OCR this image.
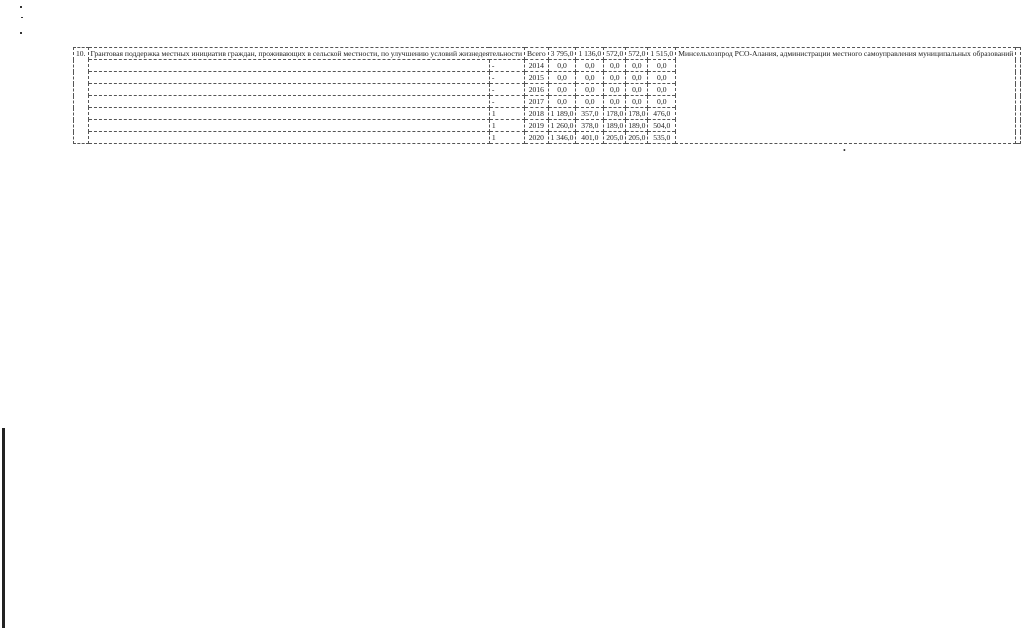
•
10.	Грантовая поддержка местных инициатив граждан, проживающих в сельской местности, по улучшению условий жизнедеятельности		Всего	3 795,0	1 136,0	572,0	572,0	1 515,0	Минсельхозпрод РСО-Алания, администрации местного самоуправления муниципальных образований	
		-	2014	0,0	0,0	0,0	0,0	0,0		
		-	2015	0,0	0,0	0,0	0,0	0,0		
		-	2016	0,0	0,0	0,0	0,0	0,0		
		-	2017	0,0	0,0	0,0	0,0	0,0		
		1	2018	1 189,0	357,0	178,0	178,0	476,0		
		1	2019	1 260,0	378,0	189,0	189,0	504,0		
		1	2020	1 346,0	401,0	205,0	205,0	535,0		
